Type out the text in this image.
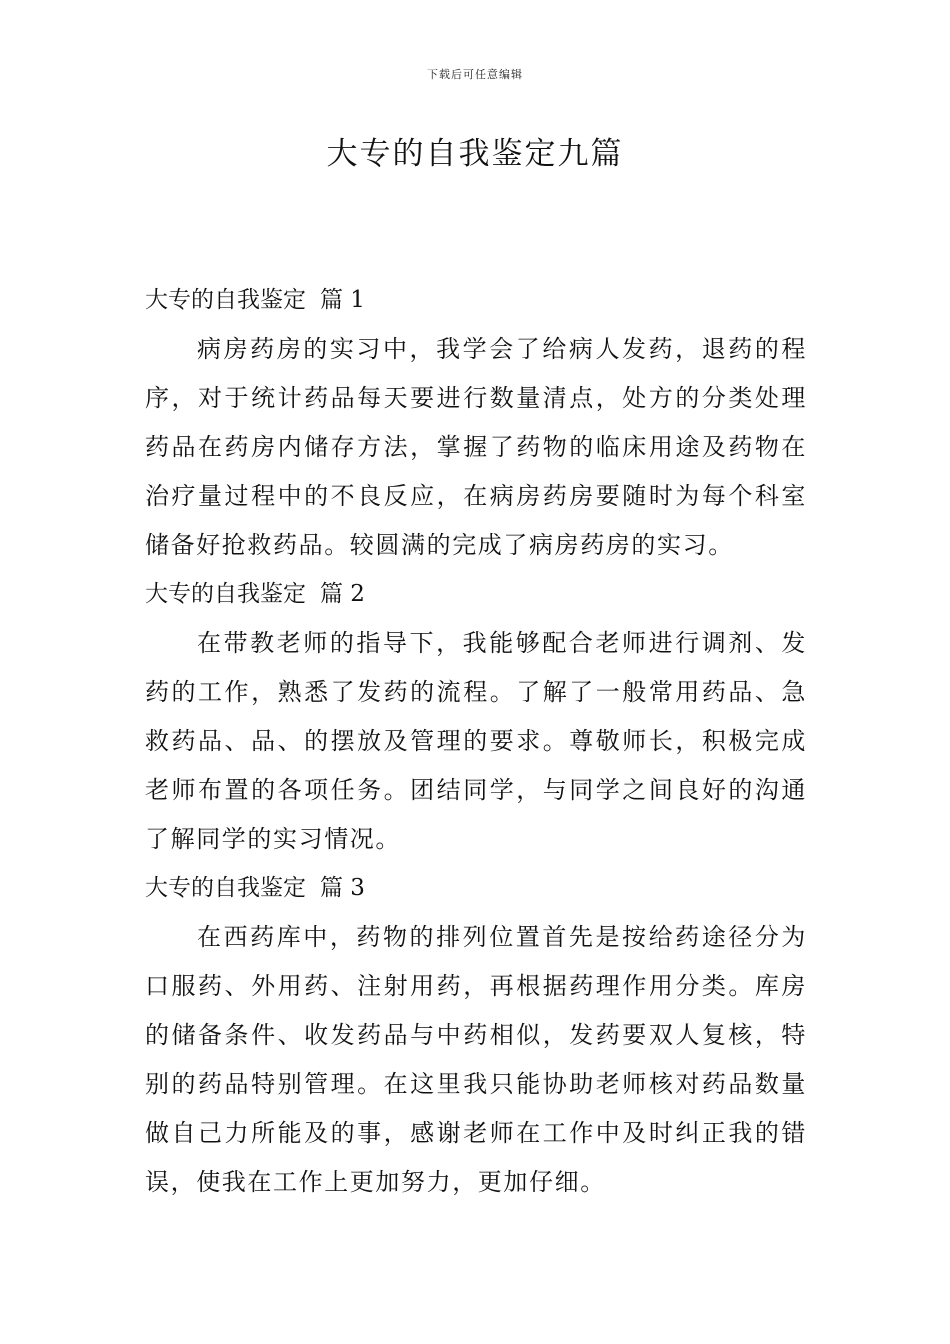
下载后可任意编辑
大专的自我鉴定九篇
大专的自我鉴定 篇 1

病房药房的实习中，我学会了给病人发药，退药的程序，对于统计药品每天要进行数量清点，处方的分类处理药品在药房内储存方法，掌握了药物的临床用途及药物在治疗量过程中的不良反应，在病房药房要随时为每个科室储备好抢救药品。较圆满的完成了病房药房的实习。

大专的自我鉴定 篇 2

在带教老师的指导下，我能够配合老师进行调剂、发药的工作，熟悉了发药的流程。了解了一般常用药品、急救药品、品、的摆放及管理的要求。尊敬师长，积极完成老师布置的各项任务。团结同学，与同学之间良好的沟通了解同学的实习情况。

大专的自我鉴定 篇 3

在西药库中，药物的排列位置首先是按给药途径分为口服药、外用药、注射用药，再根据药理作用分类。库房的储备条件、收发药品与中药相似，发药要双人复核，特别的药品特别管理。在这里我只能协助老师核对药品数量做自己力所能及的事，感谢老师在工作中及时纠正我的错误，使我在工作上更加努力，更加仔细。
